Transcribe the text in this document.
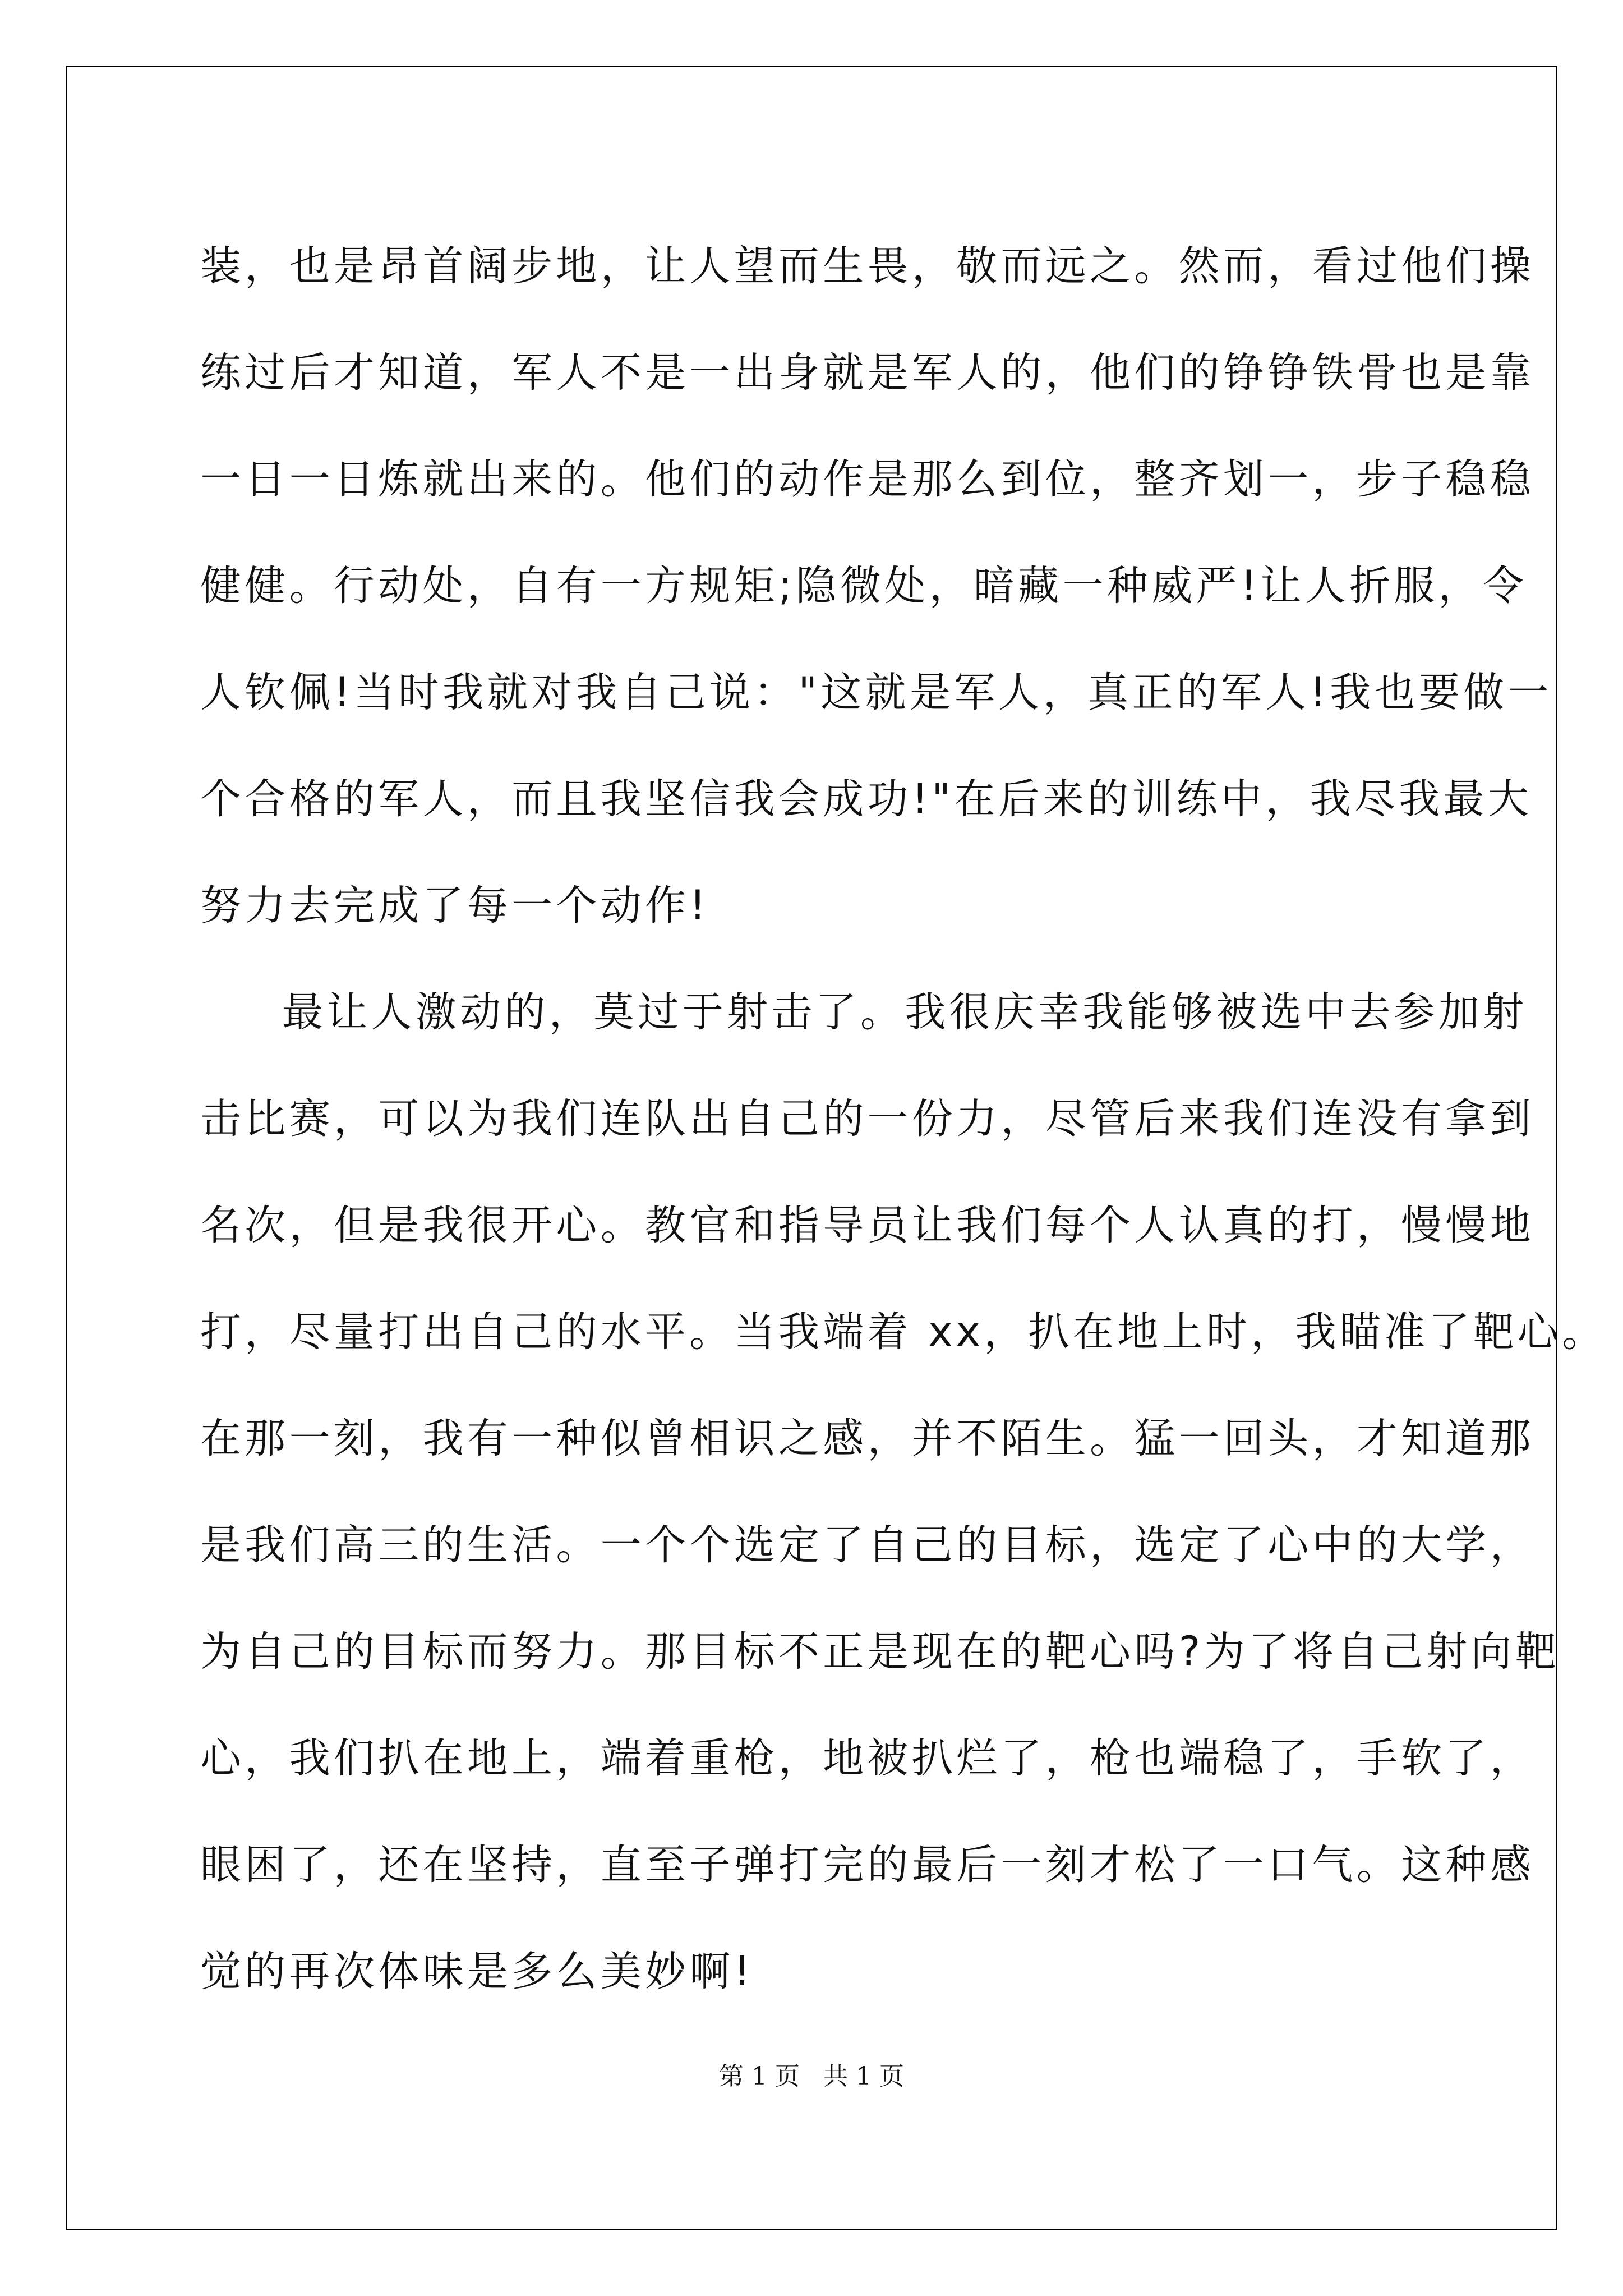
装，也是昂首阔步地，让人望而生畏，敬而远之。然而，看过他们操
练过后才知道，军人不是一出身就是军人的，他们的铮铮铁骨也是靠
一日一日炼就出来的。他们的动作是那么到位，整齐划一，步子稳稳
健健。行动处，自有一方规矩;隐微处，暗藏一种威严!让人折服，令
人钦佩!当时我就对我自己说："这就是军人，真正的军人!我也要做一
个合格的军人，而且我坚信我会成功!"在后来的训练中，我尽我最大
努力去完成了每一个动作!
最让人激动的，莫过于射击了。我很庆幸我能够被选中去参加射
击比赛，可以为我们连队出自己的一份力，尽管后来我们连没有拿到
名次，但是我很开心。教官和指导员让我们每个人认真的打，慢慢地
打，尽量打出自己的水平。当我端着 xx，扒在地上时，我瞄准了靶心。
在那一刻，我有一种似曾相识之感，并不陌生。猛一回头，才知道那
是我们高三的生活。一个个选定了自己的目标，选定了心中的大学，
为自己的目标而努力。那目标不正是现在的靶心吗?为了将自己射向靶
心，我们扒在地上，端着重枪，地被扒烂了，枪也端稳了，手软了，
眼困了，还在坚持，直至子弹打完的最后一刻才松了一口气。这种感
觉的再次体味是多么美妙啊!
第 1 页   共 1 页
